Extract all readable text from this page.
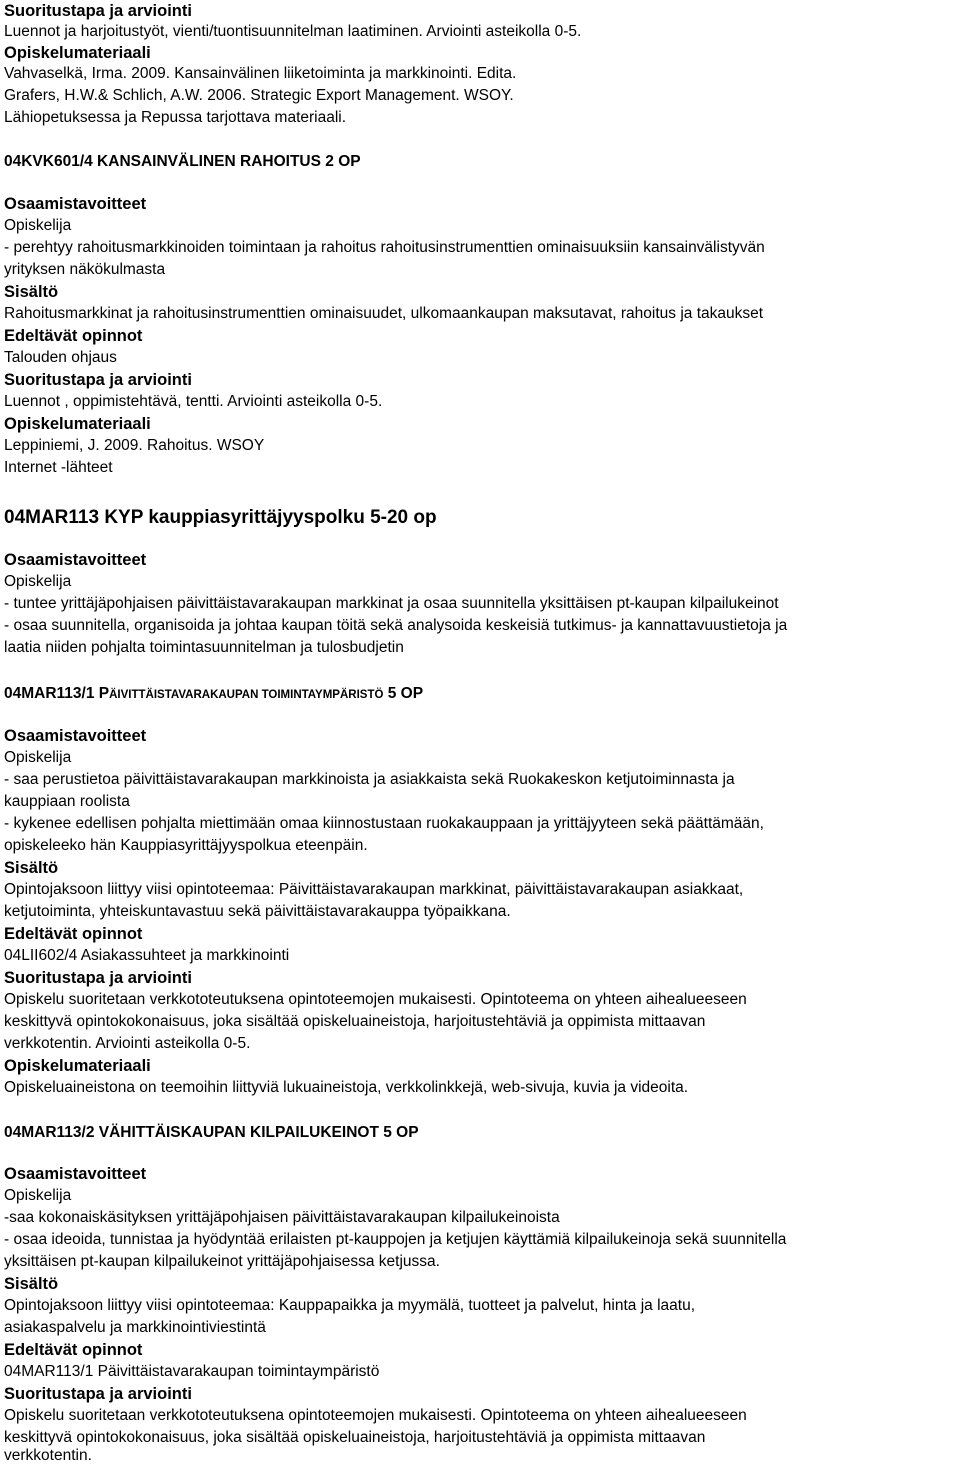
Suoritustapa ja arviointi
Luennot ja harjoitustyöt, vienti/tuontisuunnitelman laatiminen. Arviointi asteikolla 0-5.
Opiskelumateriaali
Vahvaselkä, Irma. 2009. Kansainvälinen liiketoiminta ja markkinointi. Edita.
Grafers, H.W.& Schlich, A.W. 2006. Strategic Export Management. WSOY.
Lähiopetuksessa ja Repussa tarjottava materiaali.
04KVK601/4 KANSAINVÄLINEN RAHOITUS 2 OP
Osaamistavoitteet
Opiskelija
- perehtyy rahoitusmarkkinoiden toimintaan ja rahoitus rahoitusinstrumenttien ominaisuuksiin kansainvälistyvän
yrityksen näkökulmasta
Sisältö
Rahoitusmarkkinat ja rahoitusinstrumenttien ominaisuudet, ulkomaankaupan maksutavat, rahoitus ja takaukset
Edeltävät opinnot
Talouden ohjaus
Suoritustapa ja arviointi
Luennot , oppimistehtävä, tentti. Arviointi asteikolla 0-5.
Opiskelumateriaali
Leppiniemi, J. 2009. Rahoitus. WSOY
Internet -lähteet
04MAR113 KYP kauppiasyrittäjyyspolku 5-20 op
Osaamistavoitteet
Opiskelija
- tuntee yrittäjäpohjaisen päivittäistavarakaupan markkinat ja osaa suunnitella yksittäisen pt-kaupan kilpailukeinot
- osaa suunnitella, organisoida ja johtaa kaupan töitä sekä analysoida keskeisiä tutkimus- ja kannattavuustietoja ja
laatia niiden pohjalta toimintasuunnitelman ja tulosbudjetin
04MAR113/1 PÄIVITTÄISTAVARAKAUPAN TOIMINTAYMPÄRISTÖ 5 OP
Osaamistavoitteet
Opiskelija
- saa perustietoa päivittäistavarakaupan markkinoista ja asiakkaista sekä Ruokakeskon ketjutoiminnasta ja
kauppiaan roolista
- kykenee edellisen pohjalta miettimään omaa kiinnostustaan ruokakauppaan ja yrittäjyyteen sekä päättämään,
opiskeleeko hän Kauppiasyrittäjyyspolkua eteenpäin.
Sisältö
Opintojaksoon liittyy viisi opintoteemaa: Päivittäistavarakaupan markkinat, päivittäistavarakaupan asiakkaat,
ketjutoiminta, yhteiskuntavastuu sekä päivittäistavarakauppa työpaikkana.
Edeltävät opinnot
04LII602/4 Asiakassuhteet ja markkinointi
Suoritustapa ja arviointi
Opiskelu suoritetaan verkkototeutuksena opintoteemojen mukaisesti. Opintoteema on yhteen aihealueeseen
keskittyvä opintokokonaisuus, joka sisältää opiskeluaineistoja, harjoitustehtäviä ja oppimista mittaavan
verkkotentin. Arviointi asteikolla 0-5.
Opiskelumateriaali
Opiskeluaineistona on teemoihin liittyviä lukuaineistoja, verkkolinkkejä, web-sivuja, kuvia ja videoita.
04MAR113/2 VÄHITTÄISKAUPAN KILPAILUKEINOT 5 OP
Osaamistavoitteet
Opiskelija
-saa kokonaiskäsityksen yrittäjäpohjaisen päivittäistavarakaupan kilpailukeinoista
- osaa ideoida, tunnistaa ja hyödyntää erilaisten pt-kauppojen ja ketjujen käyttämiä kilpailukeinoja sekä suunnitella
yksittäisen pt-kaupan kilpailukeinot yrittäjäpohjaisessa ketjussa.
Sisältö
Opintojaksoon liittyy viisi opintoteemaa: Kauppapaikka ja myymälä, tuotteet ja palvelut, hinta ja laatu,
asiakaspalvelu ja markkinointiviestintä
Edeltävät opinnot
04MAR113/1 Päivittäistavarakaupan toimintaympäristö
Suoritustapa ja arviointi
Opiskelu suoritetaan verkkototeutuksena opintoteemojen mukaisesti. Opintoteema on yhteen aihealueeseen
keskittyvä opintokokonaisuus, joka sisältää opiskeluaineistoja, harjoitustehtäviä ja oppimista mittaavan
verkkotentin.
